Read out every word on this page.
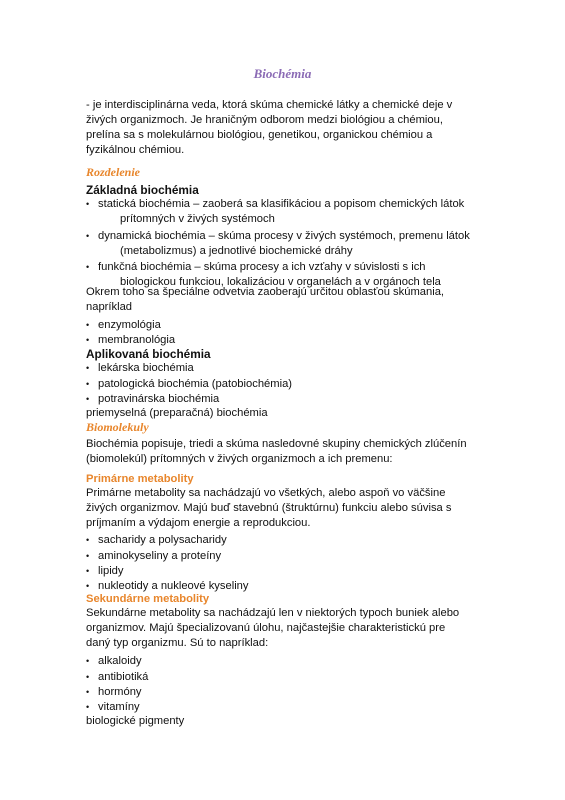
Biochémia
- je interdisciplinárna veda, ktorá skúma chemické látky a chemické deje v
živých organizmoch. Je hraničným odborom medzi biológiou a chémiou,
prelína sa s molekulárnou biológiou, genetikou, organickou chémiou a
fyzikálnou chémiou.
Rozdelenie
Základná biochémia
• statická biochémia – zaoberá sa klasifikáciou a popisom chemických látok
prítomných v živých systémoch
• dynamická biochémia – skúma procesy v živých systémoch, premenu látok
(metabolizmus) a jednotlivé biochemické dráhy
• funkčná biochémia – skúma procesy a ich vzťahy v súvislosti s ich
biologickou funkciou, lokalizáciou v organelách a v orgánoch tela
Okrem toho sa špeciálne odvetvia zaoberajú určitou oblasťou skúmania,
napríklad
• enzymológia
• membranológia
Aplikovaná biochémia
• lekárska biochémia
• patologická biochémia (patobiochémia)
• potravinárska biochémia
priemyselná (preparačná) biochémia
Biomolekuly
Biochémia popisuje, triedi a skúma nasledovné skupiny chemických zlúčenín
(biomolekúl) prítomných v živých organizmoch a ich premenu:
Primárne metabolity
Primárne metabolity sa nachádzajú vo všetkých, alebo aspoň vo väčšine
živých organizmov. Majú buď stavebnú (štruktúrnu) funkciu alebo súvisa s
príjmaním a výdajom energie a reprodukciou.
• sacharidy a polysacharidy
• aminokyseliny a proteíny
• lipidy
• nukleotidy a nukleové kyseliny
Sekundárne metabolity
Sekundárne metabolity sa nachádzajú len v niektorých typoch buniek alebo
organizmov. Majú špecializovanú úlohu, najčastejšie charakteristickú pre
daný typ organizmu. Sú to napríklad:
• alkaloidy
• antibiotiká
• hormóny
• vitamíny
biologické pigmenty
